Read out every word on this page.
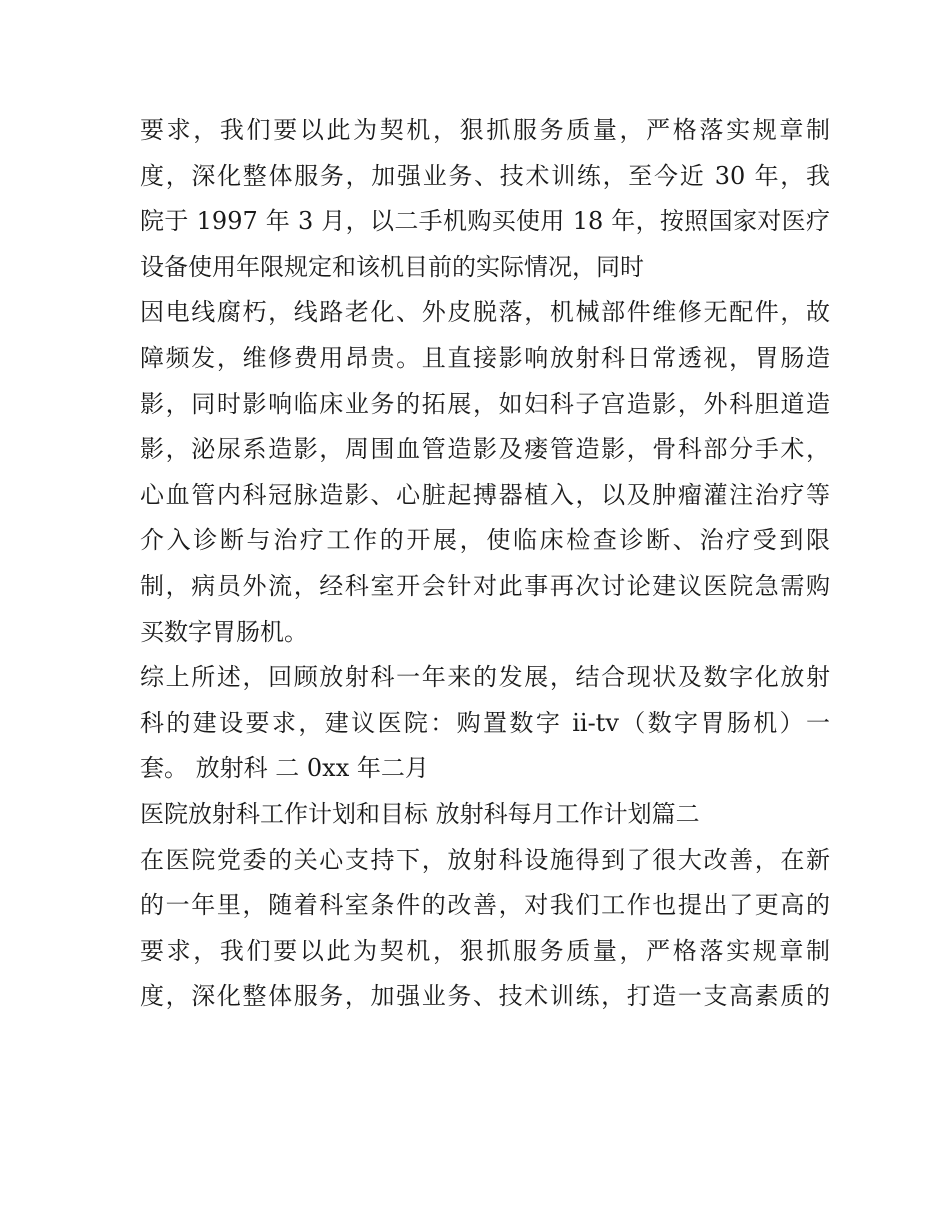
要求，我们要以此为契机，狠抓服务质量，严格落实规章制
度，深化整体服务，加强业务、技术训练，至今近 30 年，我
院于 1997 年 3 月，以二手机购买使用 18 年，按照国家对医疗
设备使用年限规定和该机目前的实际情况，同时
因电线腐朽，线路老化、外皮脱落，机械部件维修无配件，故
障频发，维修费用昂贵。且直接影响放射科日常透视，胃肠造
影，同时影响临床业务的拓展，如妇科子宫造影，外科胆道造
影，泌尿系造影，周围血管造影及瘘管造影，骨科部分手术，
心血管内科冠脉造影、心脏起搏器植入，以及肿瘤灌注治疗等
介入诊断与治疗工作的开展，使临床检查诊断、治疗受到限
制，病员外流，经科室开会针对此事再次讨论建议医院急需购
买数字胃肠机。
综上所述，回顾放射科一年来的发展，结合现状及数字化放射
科的建设要求，建议医院：购置数字 ii-tv（数字胃肠机）一
套。 放射科 二 0xx 年二月
医院放射科工作计划和目标 放射科每月工作计划篇二
在医院党委的关心支持下，放射科设施得到了很大改善，在新
的一年里，随着科室条件的改善，对我们工作也提出了更高的
要求，我们要以此为契机，狠抓服务质量，严格落实规章制
度，深化整体服务，加强业务、技术训练，打造一支高素质的
